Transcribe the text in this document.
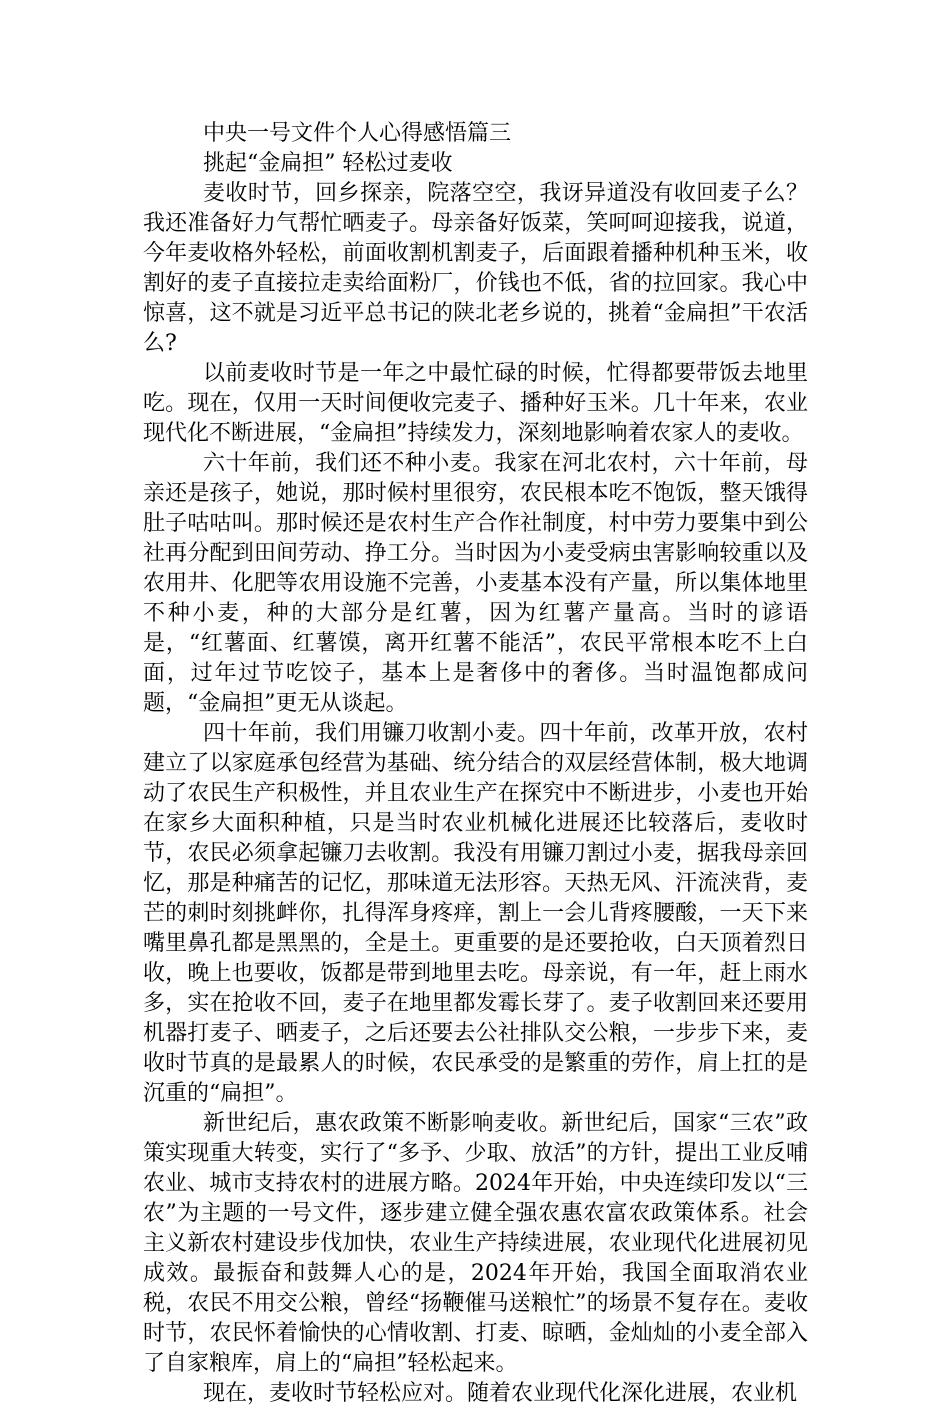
中央一号文件个人心得感悟篇三
挑起“金扁担” 轻松过麦收

麦收时节，回乡探亲，院落空空，我讶异道没有收回麦子么？我还准备好力气帮忙晒麦子。母亲备好饭菜，笑呵呵迎接我，说道，今年麦收格外轻松，前面收割机割麦子，后面跟着播种机种玉米，收割好的麦子直接拉走卖给面粉厂，价钱也不低，省的拉回家。我心中惊喜，这不就是习近平总书记的陕北老乡说的，挑着“金扁担”干农活么?

以前麦收时节是一年之中最忙碌的时候，忙得都要带饭去地里吃。现在，仅用一天时间便收完麦子、播种好玉米。几十年来，农业现代化不断进展，“金扁担”持续发力，深刻地影响着农家人的麦收。

六十年前，我们还不种小麦。我家在河北农村，六十年前，母亲还是孩子，她说，那时候村里很穷，农民根本吃不饱饭，整天饿得肚子咕咕叫。那时候还是农村生产合作社制度，村中劳力要集中到公社再分配到田间劳动、挣工分。当时因为小麦受病虫害影响较重以及农用井、化肥等农用设施不完善，小麦基本没有产量，所以集体地里不种小麦，种的大部分是红薯，因为红薯产量高。当时的谚语是，“红薯面、红薯馍，离开红薯不能活”，农民平常根本吃不上白面，过年过节吃饺子，基本上是奢侈中的奢侈。当时温饱都成问题，“金扁担”更无从谈起。

四十年前，我们用镰刀收割小麦。四十年前，改革开放，农村建立了以家庭承包经营为基础、统分结合的双层经营体制，极大地调动了农民生产积极性，并且农业生产在探究中不断进步，小麦也开始在家乡大面积种植，只是当时农业机械化进展还比较落后，麦收时节，农民必须拿起镰刀去收割。我没有用镰刀割过小麦，据我母亲回忆，那是种痛苦的记忆，那味道无法形容。天热无风、汗流浃背，麦芒的刺时刻挑衅你，扎得浑身疼痒，割上一会儿背疼腰酸，一天下来嘴里鼻孔都是黑黑的，全是土。更重要的是还要抢收，白天顶着烈日收，晚上也要收，饭都是带到地里去吃。母亲说，有一年，赶上雨水多，实在抢收不回，麦子在地里都发霉长芽了。麦子收割回来还要用机器打麦子、晒麦子，之后还要去公社排队交公粮，一步步下来，麦收时节真的是最累人的时候，农民承受的是繁重的劳作，肩上扛的是沉重的“扁担”。

新世纪后，惠农政策不断影响麦收。新世纪后，国家“三农”政策实现重大转变，实行了“多予、少取、放活”的方针，提出工业反哺农业、城市支持农村的进展方略。2024年开始，中央连续印发以“三农”为主题的一号文件，逐步建立健全强农惠农富农政策体系。社会主义新农村建设步伐加快，农业生产持续进展，农业现代化进展初见成效。最振奋和鼓舞人心的是，2024年开始，我国全面取消农业税，农民不用交公粮，曾经“扬鞭催马送粮忙”的场景不复存在。麦收时节，农民怀着愉快的心情收割、打麦、晾晒，金灿灿的小麦全部入了自家粮库，肩上的“扁担”轻松起来。

现在，麦收时节轻松应对。随着农业现代化深化进展，农业机
